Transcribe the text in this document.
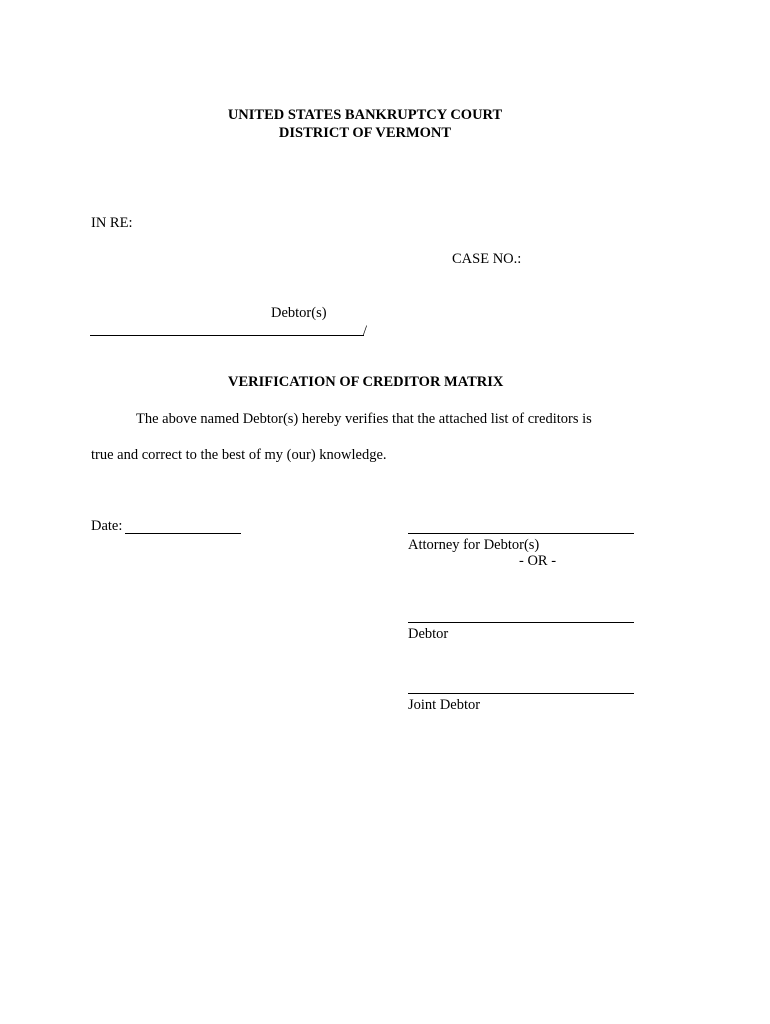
UNITED STATES BANKRUPTCY COURT
DISTRICT OF VERMONT
IN RE:
CASE NO.:
Debtor(s)
/
VERIFICATION OF CREDITOR MATRIX
The above named Debtor(s) hereby verifies that the attached list of creditors is
true and correct to the best of my (our) knowledge.
Date:
Attorney for Debtor(s)
- OR -
Debtor
Joint Debtor
